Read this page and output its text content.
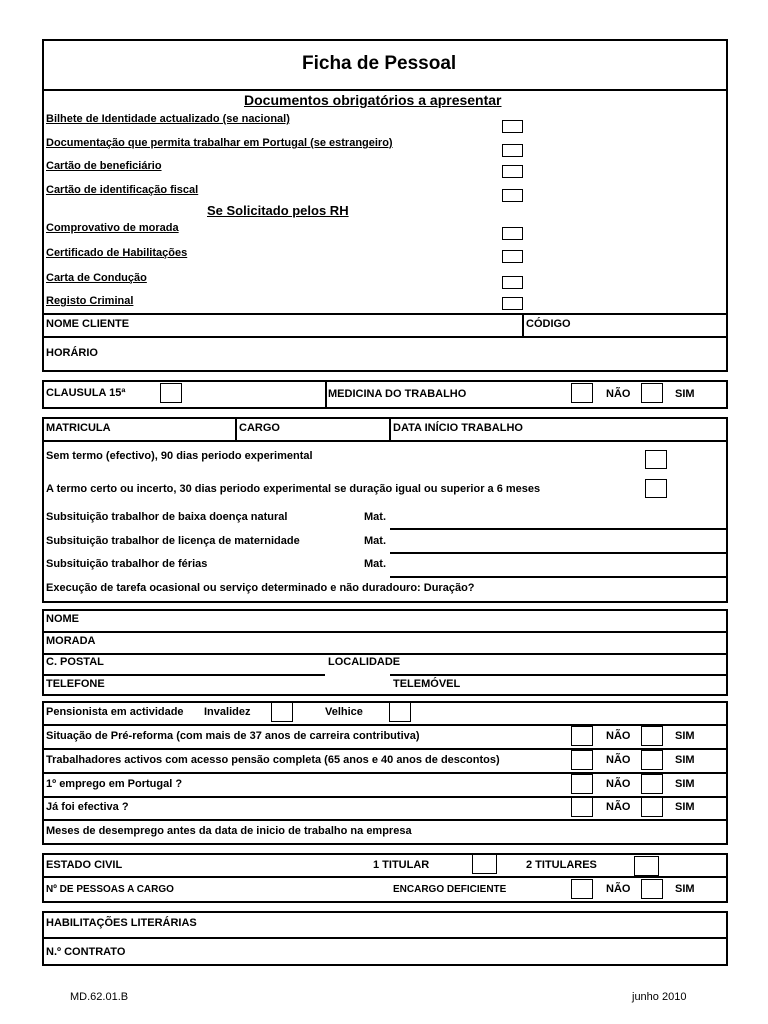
Ficha de Pessoal
Documentos obrigatórios a apresentar
Bilhete de Identidade actualizado (se nacional)
Documentação que permita trabalhar em Portugal (se estrangeiro)
Cartão de beneficiário
Cartão de identificação fiscal
Se Solicitado pelos RH
Comprovativo de morada
Certificado de Habilitações
Carta de Condução
Registo Criminal
NOME CLIENTE	CÓDIGO
HORÁRIO
CLAUSULA 15ª	MEDICINA DO TRABALHO	NÃO	SIM
MATRICULA	CARGO	DATA INÍCIO TRABALHO
Sem termo (efectivo), 90 dias periodo experimental
A termo certo ou incerto, 30 dias periodo experimental se duração igual ou superior a 6 meses
Subsituição trabalhor de baixa doença natural	Mat.
Subsituição trabalhor de licença de maternidade	Mat.
Subsituição trabalhor de férias	Mat.
Execução de tarefa ocasional ou serviço determinado e não duradouro: Duração?
NOME
MORADA
C. POSTAL	LOCALIDADE
TELEFONE	TELEMÓVEL
Pensionista em actividade Invalidez	Velhice
Situação de Pré-reforma (com mais de 37 anos de carreira contributiva)	NÃO	SIM
Trabalhadores activos com acesso pensão completa (65 anos e 40 anos de descontos)	NÃO	SIM
1º emprego em Portugal ?	NÃO	SIM
Já foi efectiva ?	NÃO	SIM
Meses de desemprego antes da data de inicio de trabalho na empresa
ESTADO CIVIL	1 TITULAR	2 TITULARES
Nº DE PESSOAS A CARGO	ENCARGO DEFICIENTE	NÃO	SIM
HABILITAÇÕES LITERÁRIAS
N.º CONTRATO
MD.62.01.B	junho 2010
